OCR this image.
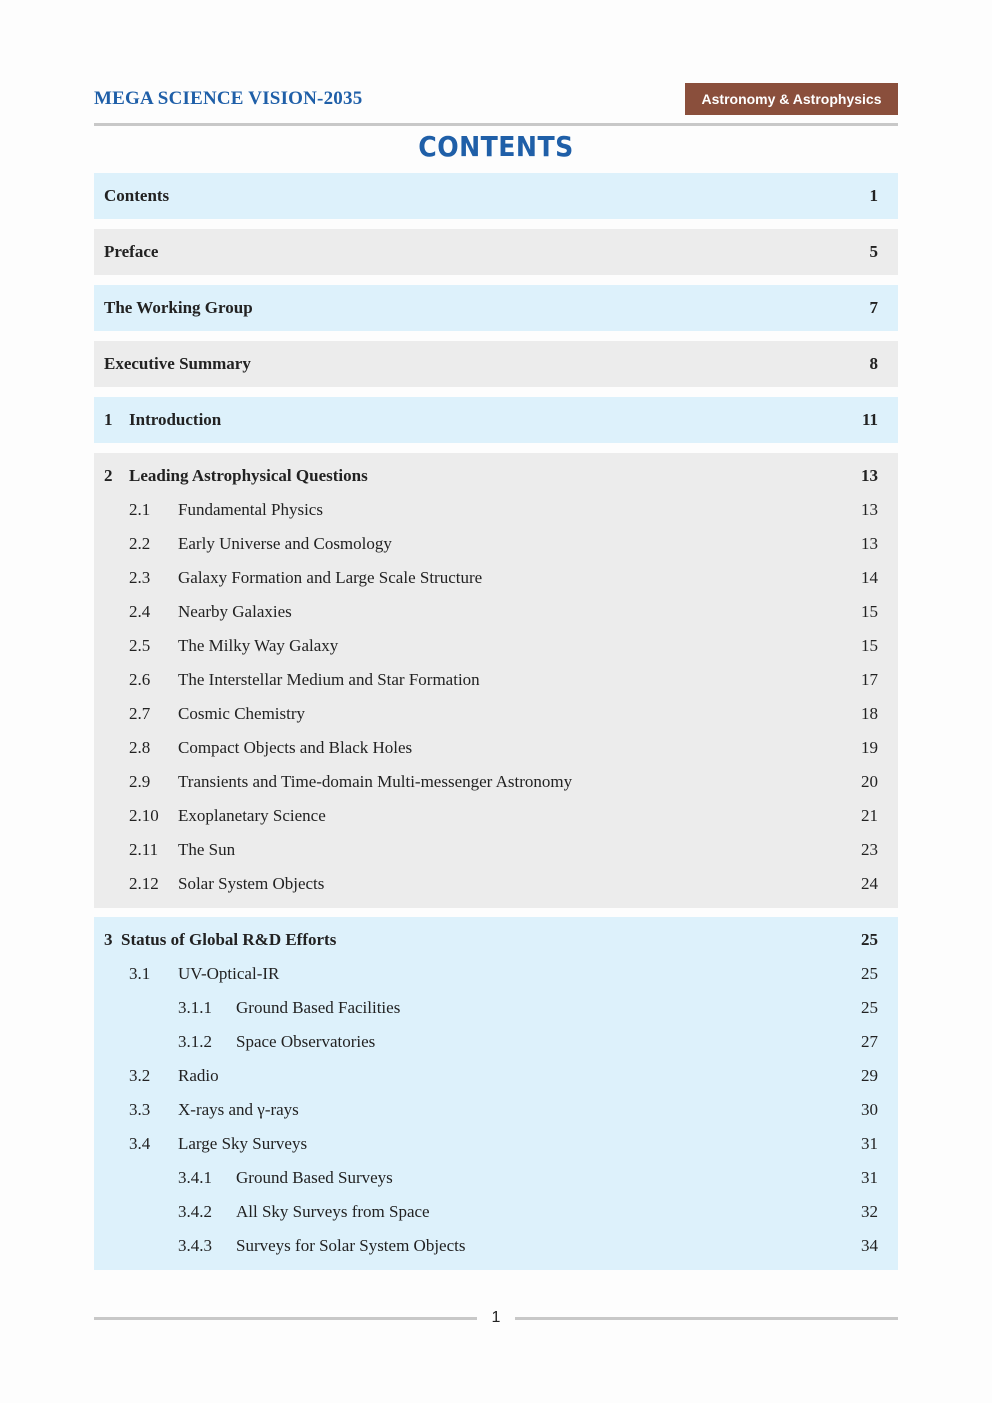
MEGA SCIENCE VISION-2035	Astronomy & Astrophysics
CONTENTS
Contents	1
Preface	5
The Working Group	7
Executive Summary	8
1 Introduction	11
2 Leading Astrophysical Questions	13
2.1 Fundamental Physics	13
2.2 Early Universe and Cosmology	13
2.3 Galaxy Formation and Large Scale Structure	14
2.4 Nearby Galaxies	15
2.5 The Milky Way Galaxy	15
2.6 The Interstellar Medium and Star Formation	17
2.7 Cosmic Chemistry	18
2.8 Compact Objects and Black Holes	19
2.9 Transients and Time-domain Multi-messenger Astronomy	20
2.10 Exoplanetary Science	21
2.11 The Sun	23
2.12 Solar System Objects	24
3 Status of Global R&D Efforts	25
3.1 UV-Optical-IR	25
3.1.1 Ground Based Facilities	25
3.1.2 Space Observatories	27
3.2 Radio	29
3.3 X-rays and γ-rays	30
3.4 Large Sky Surveys	31
3.4.1 Ground Based Surveys	31
3.4.2 All Sky Surveys from Space	32
3.4.3 Surveys for Solar System Objects	34
1
